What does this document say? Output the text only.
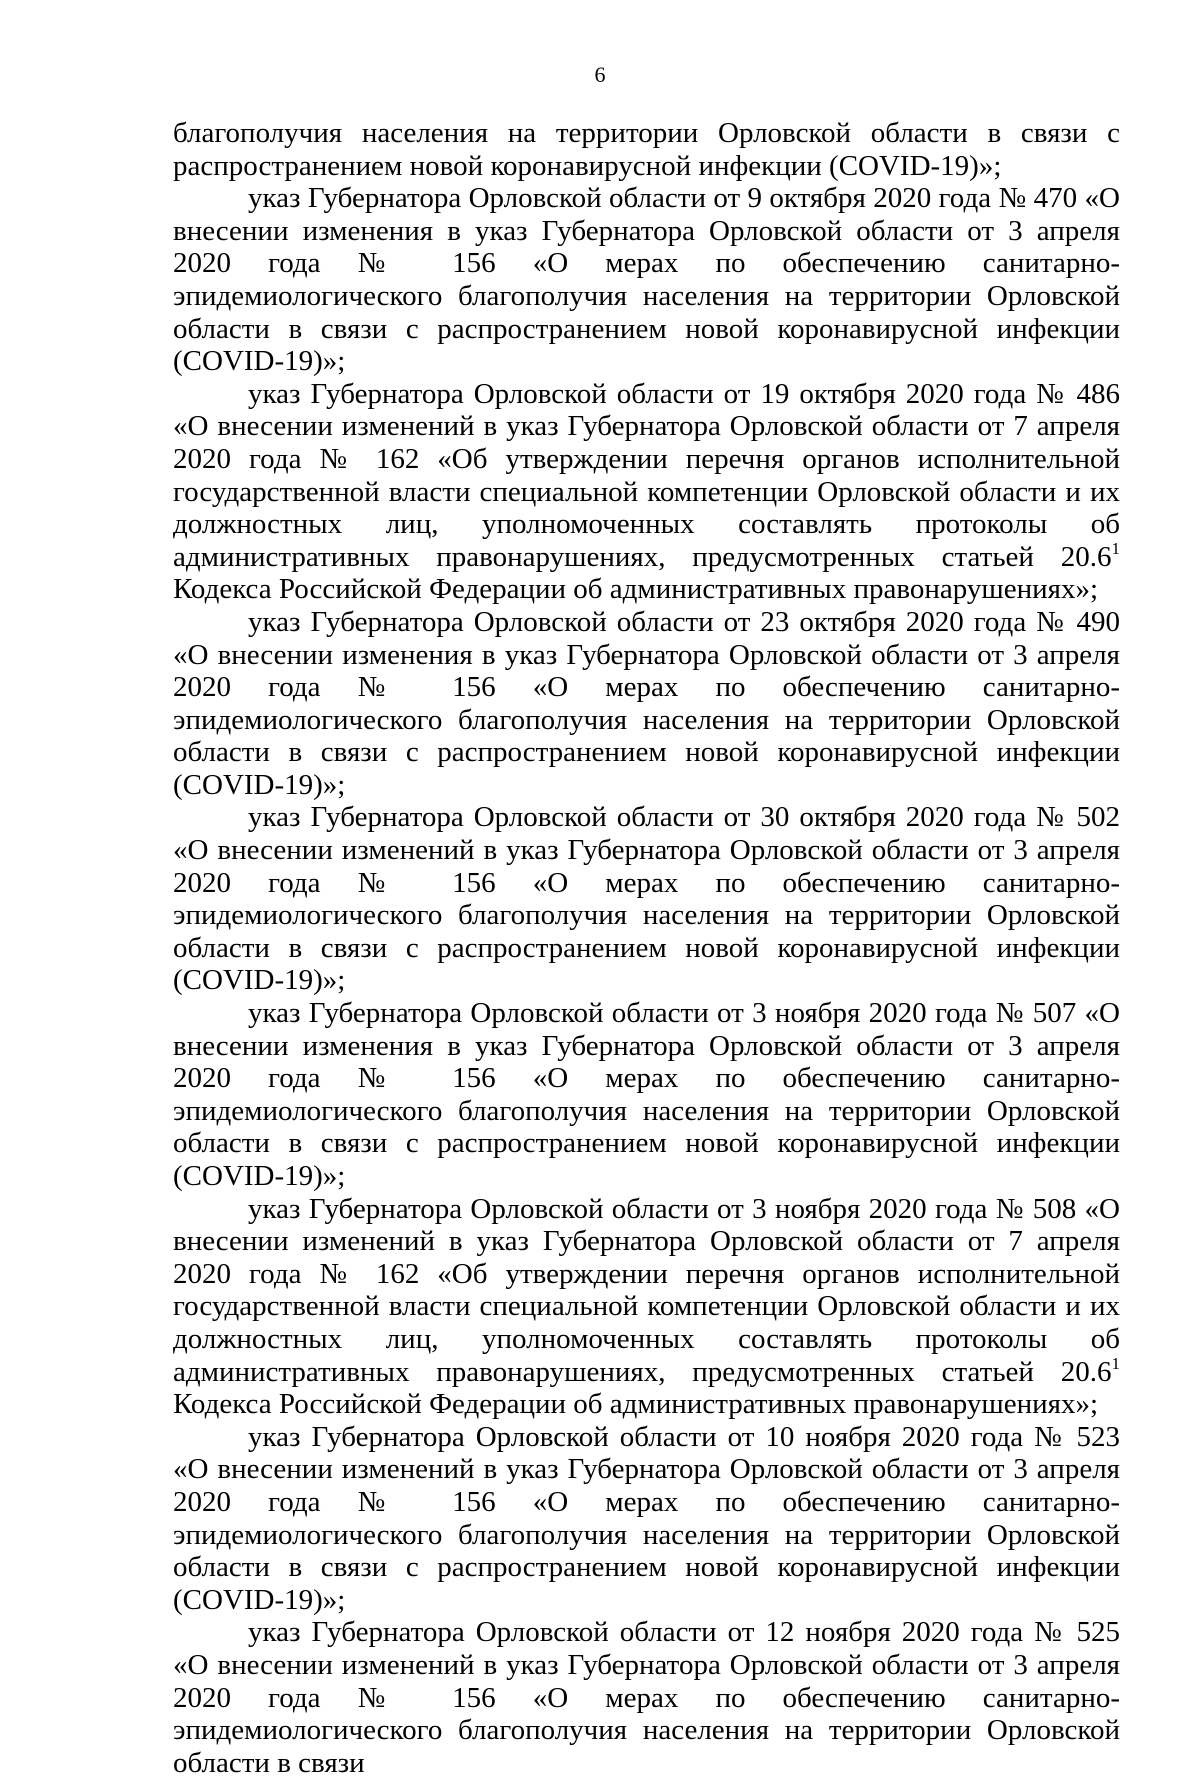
6

благополучия населения на территории Орловской области в связи с распространением новой коронавирусной инфекции (COVID-19)»;

указ Губернатора Орловской области от 9 октября 2020 года № 470 «О внесении изменения в указ Губернатора Орловской области от 3 апреля 2020 года № 156 «О мерах по обеспечению санитарно-эпидемиологического благополучия населения на территории Орловской области в связи с распространением новой коронавирусной инфекции (COVID-19)»;

указ Губернатора Орловской области от 19 октября 2020 года № 486 «О внесении изменений в указ Губернатора Орловской области от 7 апреля 2020 года № 162 «Об утверждении перечня органов исполнительной государственной власти специальной компетенции Орловской области и их должностных лиц, уполномоченных составлять протоколы об административных правонарушениях, предусмотренных статьей 20.6$^1$ Кодекса Российской Федерации об административных правонарушениях»;

указ Губернатора Орловской области от 23 октября 2020 года № 490 «О внесении изменения в указ Губернатора Орловской области от 3 апреля 2020 года № 156 «О мерах по обеспечению санитарно-эпидемиологического благополучия населения на территории Орловской области в связи с распространением новой коронавирусной инфекции (COVID-19)»;

указ Губернатора Орловской области от 30 октября 2020 года № 502 «О внесении изменений в указ Губернатора Орловской области от 3 апреля 2020 года № 156 «О мерах по обеспечению санитарно-эпидемиологического благополучия населения на территории Орловской области в связи с распространением новой коронавирусной инфекции (COVID-19)»;

указ Губернатора Орловской области от 3 ноября 2020 года № 507 «О внесении изменения в указ Губернатора Орловской области от 3 апреля 2020 года № 156 «О мерах по обеспечению санитарно-эпидемиологического благополучия населения на территории Орловской области в связи с распространением новой коронавирусной инфекции (COVID-19)»;

указ Губернатора Орловской области от 3 ноября 2020 года № 508 «О внесении изменений в указ Губернатора Орловской области от 7 апреля 2020 года № 162 «Об утверждении перечня органов исполнительной государственной власти специальной компетенции Орловской области и их должностных лиц, уполномоченных составлять протоколы об административных правонарушениях, предусмотренных статьей 20.6$^1$ Кодекса Российской Федерации об административных правонарушениях»;

указ Губернатора Орловской области от 10 ноября 2020 года № 523 «О внесении изменений в указ Губернатора Орловской области от 3 апреля 2020 года № 156 «О мерах по обеспечению санитарно-эпидемиологического благополучия населения на территории Орловской области в связи с распространением новой коронавирусной инфекции (COVID-19)»;

указ Губернатора Орловской области от 12 ноября 2020 года № 525 «О внесении изменений в указ Губернатора Орловской области от 3 апреля 2020 года № 156 «О мерах по обеспечению санитарно-эпидемиологического благополучия населения на территории Орловской области в связи
